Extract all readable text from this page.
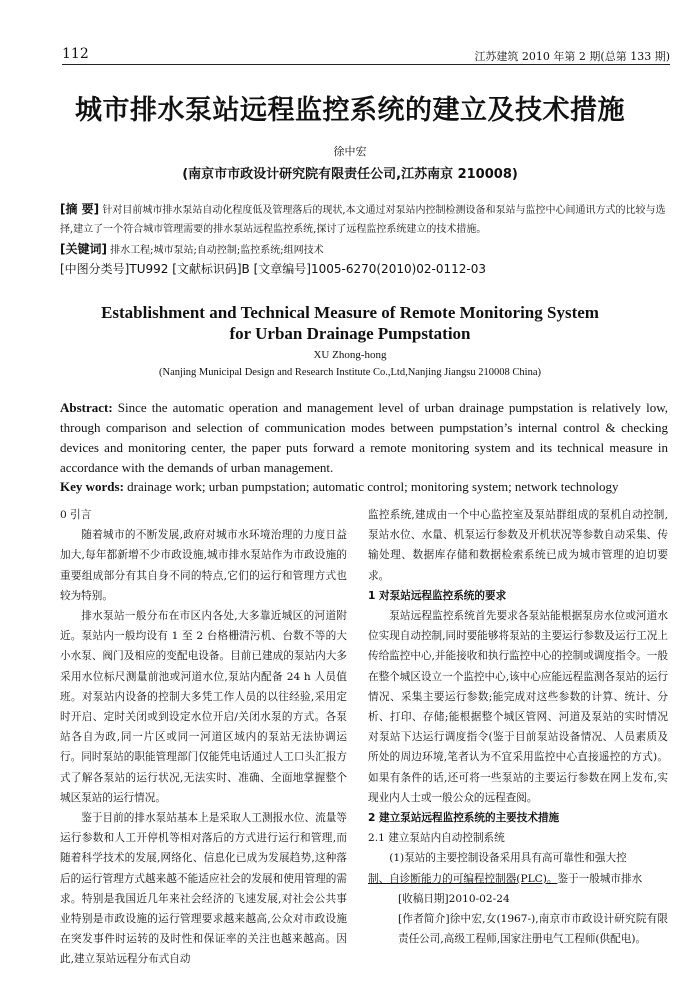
112	江苏建筑 2010 年第 2 期(总第 133 期)
城市排水泵站远程监控系统的建立及技术措施
徐中宏
(南京市市政设计研究院有限责任公司,江苏南京 210008)
[摘 要] 针对目前城市排水泵站自动化程度低及管理落后的现状,本文通过对泵站内控制检测设备和泵站与监控中心间通讯方式的比较与选择,建立了一个符合城市管理需要的排水泵站远程监控系统,探讨了远程监控系统建立的技术措施。
[关键词] 排水工程;城市泵站;自动控制;监控系统;组网技术
[中图分类号]TU992 [文献标识码]B [文章编号]1005-6270(2010)02-0112-03
Establishment and Technical Measure of Remote Monitoring System
for Urban Drainage Pumpstation
XU Zhong-hong
(Nanjing Municipal Design and Research Institute Co.,Ltd,Nanjing Jiangsu 210008 China)
Abstract: Since the automatic operation and management level of urban drainage pumpstation is relatively low, through comparison and selection of communication modes between pumpstation’s internal control & checking devices and monitoring center, the paper puts forward a remote monitoring system and its technical measure in accordance with the demands of urban management.
Key words: drainage work; urban pumpstation; automatic control; monitoring system; network technology

0 引言

随着城市的不断发展,政府对城市水环境治理的力度日益加大,每年都新增不少市政设施,城市排水泵站作为市政设施的重要组成部分有其自身不同的特点,它们的运行和管理方式也较为特别。

排水泵站一般分布在市区内各处,大多靠近城区的河道附近。泵站内一般均设有 1 至 2 台格栅清污机、台数不等的大小水泵、阀门及相应的变配电设备。目前已建成的泵站内大多采用水位标尺测量前池或河道水位,泵站内配备 24 h 人员值班。对泵站内设备的控制大多凭工作人员的以往经验,采用定时开启、定时关闭或到设定水位开启/关闭水泵的方式。各泵站各自为政,同一片区或同一河道区域内的泵站无法协调运行。同时泵站的职能管理部门仅能凭电话通过人工口头汇报方式了解各泵站的运行状况,无法实时、准确、全面地掌握整个城区泵站的运行情况。

鉴于目前的排水泵站基本上是采取人工测报水位、流量等运行参数和人工开停机等相对落后的方式进行运行和管理,而随着科学技术的发展,网络化、信息化已成为发展趋势,这种落后的运行管理方式越来越不能适应社会的发展和使用管理的需求。特别是我国近几年来社会经济的飞速发展,对社会公共事业特别是市政设施的运行管理要求越来越高,公众对市政设施在突发事件时运转的及时性和保证率的关注也越来越高。因此,建立泵站远程分布式自动

监控系统,建成由一个中心监控室及泵站群组成的泵机自动控制,泵站水位、水量、机泵运行参数及开机状况等参数自动采集、传输处理、数据库存储和数据检索系统已成为城市管理的迫切要求。

1 对泵站远程监控系统的要求

泵站远程监控系统首先要求各泵站能根据泵房水位或河道水位实现自动控制,同时要能够将泵站的主要运行参数及运行工况上传给监控中心,并能接收和执行监控中心的控制或调度指令。一般在整个城区设立一个监控中心,该中心应能远程监测各泵站的运行情况、采集主要运行参数;能完成对这些参数的计算、统计、分析、打印、存储;能根据整个城区管网、河道及泵站的实时情况对泵站下达运行调度指令(鉴于目前泵站设备情况、人员素质及所处的周边环境,笔者认为不宜采用监控中心直接遥控的方式)。如果有条件的话,还可将一些泵站的主要运行参数在网上发布,实现业内人士或一般公众的远程查阅。

2 建立泵站远程监控系统的主要技术措施

2.1 建立泵站内自动控制系统

(1)泵站的主要控制设备采用具有高可靠性和强大控

制、自诊断能力的可编程控制器(PLC)。鉴于一般城市排水

[收稿日期]2010-02-24
[作者简介]徐中宏,女(1967-),南京市市政设计研究院有限责任公司,高级工程师,国家注册电气工程师(供配电)。
